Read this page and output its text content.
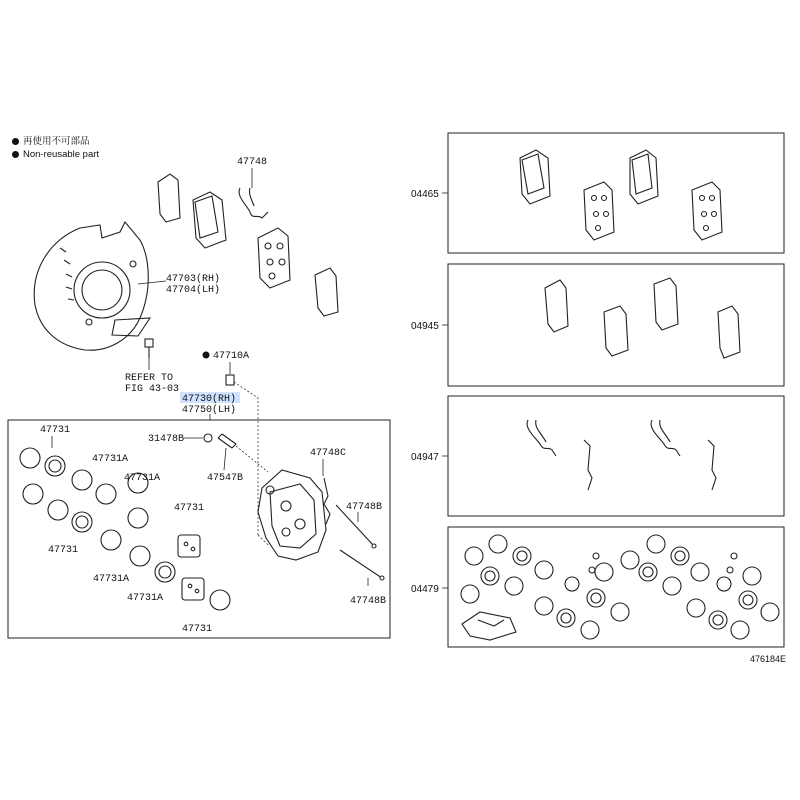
再使用不可部品
Non-reusable part
47703(RH)
47704(LH)
REFER TO
FIG 43-03
47748
47710A
47730(RH)
47750(LH)
31478B
47547B
47748C
47748B
47748B
47731
47731A
47731A
47731
47731
47731A
47731A
47731
04465
04945
04947
04479
476184E
